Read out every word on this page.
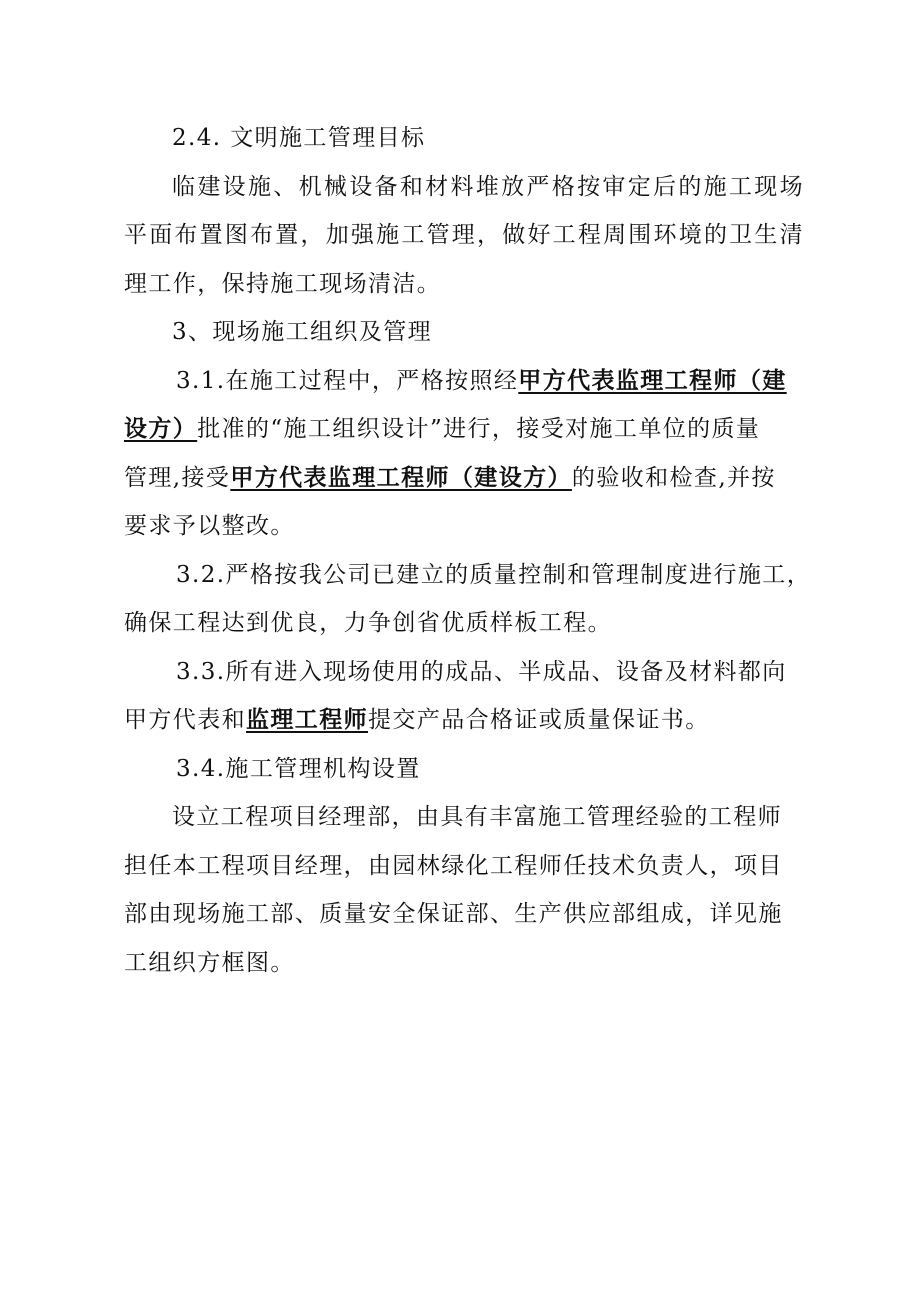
2.4. 文明施工管理目标
临建设施、机械设备和材料堆放严格按审定后的施工现场
平面布置图布置，加强施工管理，做好工程周围环境的卫生清
理工作，保持施工现场清洁。
3、现场施工组织及管理
3.1.在施工过程中，严格按照经甲方代表监理工程师（建
设方）批准的“施工组织设计”进行，接受对施工单位的质量
管理,接受甲方代表监理工程师（建设方）的验收和检查,并按
要求予以整改。
3.2.严格按我公司已建立的质量控制和管理制度进行施工，
确保工程达到优良，力争创省优质样板工程。
3.3.所有进入现场使用的成品、半成品、设备及材料都向
甲方代表和监理工程师提交产品合格证或质量保证书。
3.4.施工管理机构设置
设立工程项目经理部，由具有丰富施工管理经验的工程师
担任本工程项目经理，由园林绿化工程师任技术负责人，项目
部由现场施工部、质量安全保证部、生产供应部组成，详见施
工组织方框图。
